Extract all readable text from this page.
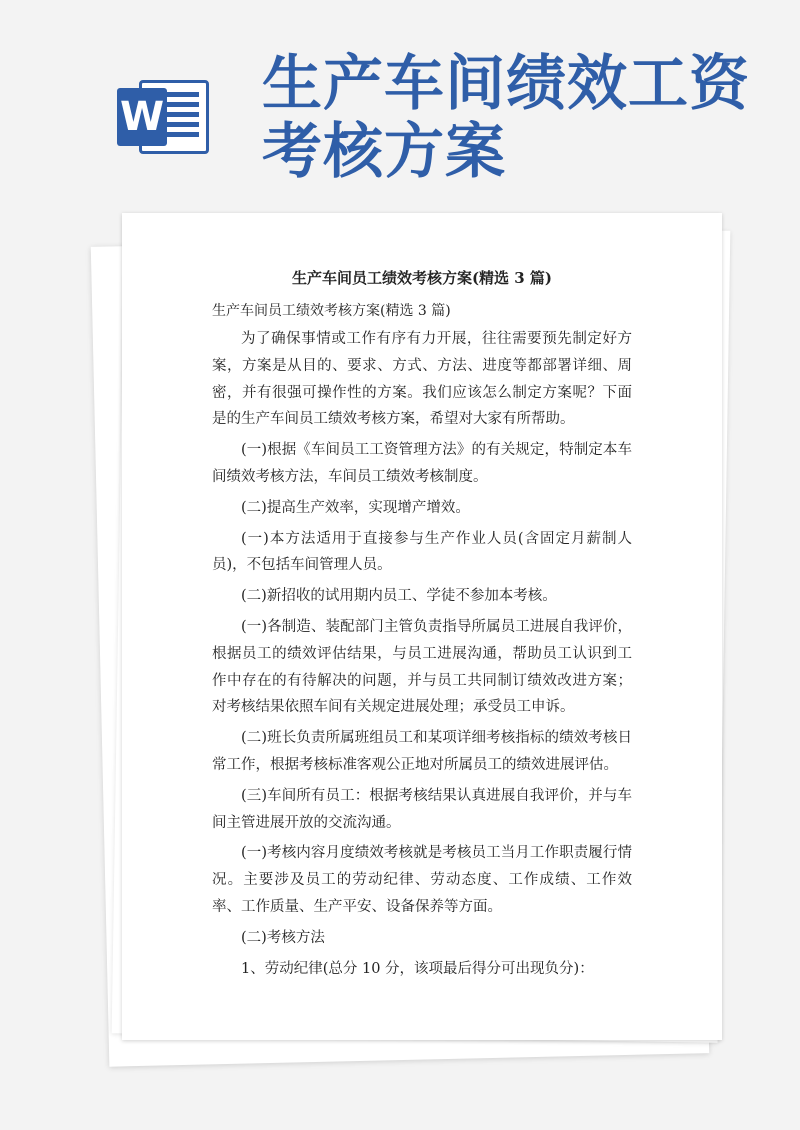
W 生产车间绩效工资考核方案
生产车间员工绩效考核方案(精选 3 篇)
生产车间员工绩效考核方案(精选 3 篇)

为了确保事情或工作有序有力开展，往往需要预先制定好方案，方案是从目的、要求、方式、方法、进度等都部署详细、周密，并有很强可操作性的方案。我们应该怎么制定方案呢？下面是的生产车间员工绩效考核方案，希望对大家有所帮助。

(一)根据《车间员工工资管理方法》的有关规定，特制定本车间绩效考核方法，车间员工绩效考核制度。

(二)提高生产效率，实现增产增效。

(一)本方法适用于直接参与生产作业人员(含固定月薪制人员)，不包括车间管理人员。

(二)新招收的试用期内员工、学徒不参加本考核。

(一)各制造、装配部门主管负责指导所属员工进展自我评价，根据员工的绩效评估结果，与员工进展沟通，帮助员工认识到工作中存在的有待解决的问题，并与员工共同制订绩效改进方案；对考核结果依照车间有关规定进展处理；承受员工申诉。

(二)班长负责所属班组员工和某项详细考核指标的绩效考核日常工作，根据考核标准客观公正地对所属员工的绩效进展评估。

(三)车间所有员工：根据考核结果认真进展自我评价，并与车间主管进展开放的交流沟通。

(一)考核内容月度绩效考核就是考核员工当月工作职责履行情况。主要涉及员工的劳动纪律、劳动态度、工作成绩、工作效率、工作质量、生产平安、设备保养等方面。

(二)考核方法

1、劳动纪律(总分 10 分，该项最后得分可出现负分)：
